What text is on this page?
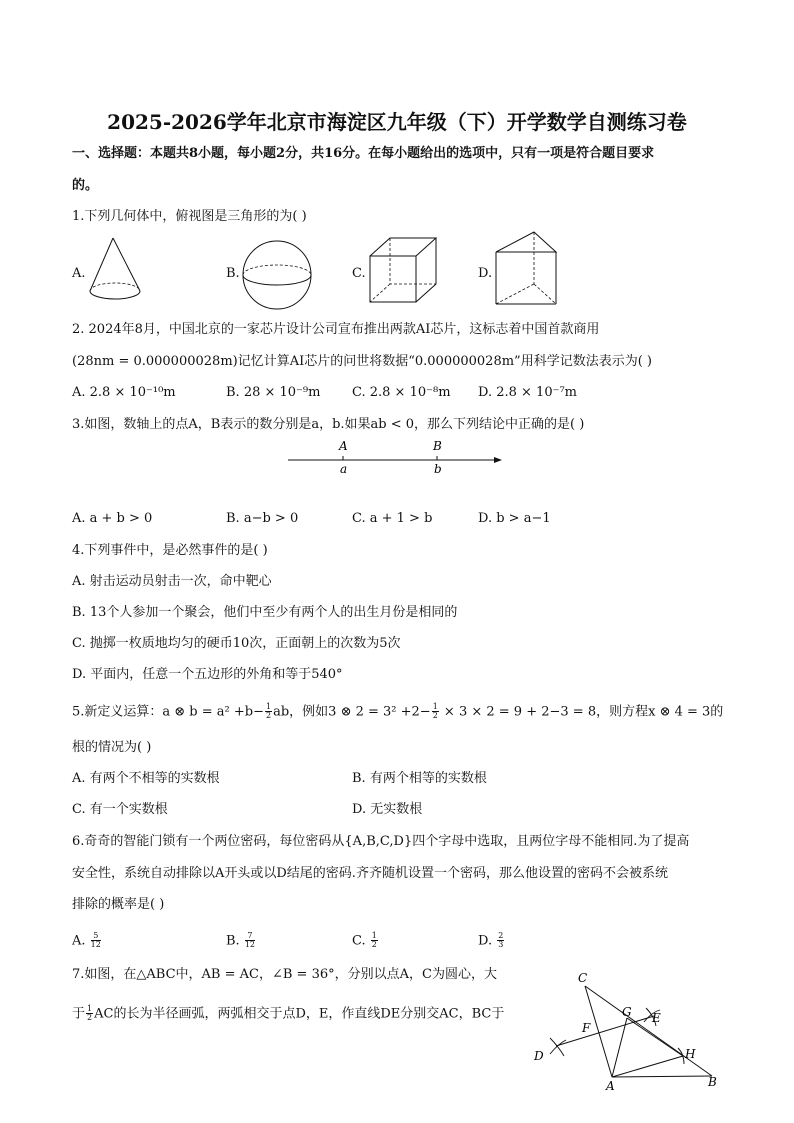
2025-2026学年北京市海淀区九年级（下）开学数学自测练习卷
一、选择题：本题共8小题，每小题2分，共16分。在每小题给出的选项中，只有一项是符合题目要求
的。
1.下列几何体中，俯视图是三角形的为( )
A.	B.	C.	D.
2. 2024年8月，中国北京的一家芯片设计公司宣布推出两款AI芯片，这标志着中国首款商用
(28nm = 0.000000028m)记忆计算AI芯片的问世将数据“0.000000028m”用科学记数法表示为( )
A. 2.8 × 10⁻¹⁰m	B. 28 × 10⁻⁹m C. 2.8 × 10⁻⁸m D. 2.8 × 10⁻⁷m
3.如图，数轴上的点A，B表示的数分别是a，b.如果ab < 0，那么下列结论中正确的是( )
A	B
a	b
A. a + b > 0	B. a−b > 0	C. a + 1 > b	D. b > a−1
4.下列事件中，是必然事件的是( )
A. 射击运动员射击一次，命中靶心
B. 13个人参加一个聚会，他们中至少有两个人的出生月份是相同的
C. 抛掷一枚质地均匀的硬币10次，正面朝上的次数为5次
D. 平面内，任意一个五边形的外角和等于540°
5.新定义运算：a ⊗ $b = a^2 +b- \frac{1}{2}$ ab，例如3 ⊗ $2 = 3^2 +2- \frac{1}{2} \times 3 \times 2 = 9 + 2-3 = 8$，则方程x ⊗ 4 = 3的
根的情况为( )
A. 有两个不相等的实数根	B. 有两个相等的实数根
C. 有一个实数根	D. 无实数根
6.奇奇的智能门锁有一个两位密码，每位密码从{A,B,C,D}四个字母中选取，且两位字母不能相同.为了提高
安全性，系统自动排除以A开头或以D结尾的密码.齐齐随机设置一个密码，那么他设置的密码不会被系统
排除的概率是( )
A. $\frac{5}{12}$	B. $\frac{7}{12}$	C. $\frac{1}{2}$	D. $\frac{2}{3}$
7.如图，在△ABC中，AB = AC，∠B = 36°，分别以点A，C为圆心，大
于 $\frac{1}{2}$ AC的长为半径画弧，两弧相交于点D，E，作直线DE分别交AC，BC于
C
A	B
D
E
F
G
H
